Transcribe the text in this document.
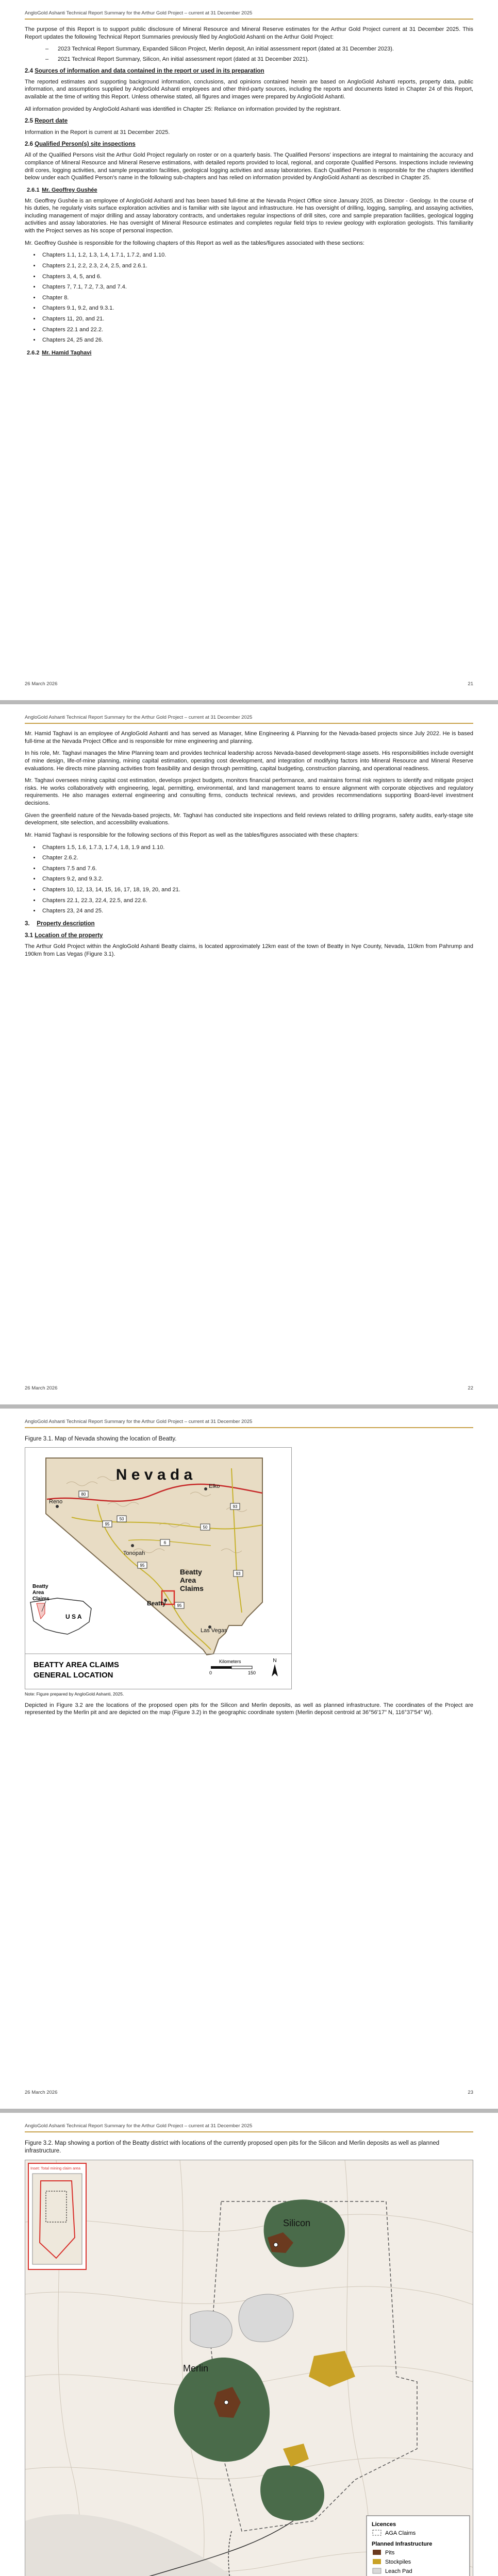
AngloGold Ashanti Technical Report Summary for the Arthur Gold Project – current at 31 December 2025

The purpose of this Report is to support public disclosure of Mineral Resource and Mineral Reserve estimates for the Arthur Gold Project current at 31 December 2025. This Report updates the following Technical Report Summaries previously filed by AngloGold Ashanti on the Arthur Gold Project:

– 2023 Technical Report Summary, Expanded Silicon Project, Merlin deposit, An initial assessment report (dated at 31 December 2023).
– 2021 Technical Report Summary, Silicon, An initial assessment report (dated at 31 December 2021).
2.4 Sources of information and data contained in the report or used in its preparation

The reported estimates and supporting background information, conclusions, and opinions contained herein are based on AngloGold Ashanti reports, property data, public information, and assumptions supplied by AngloGold Ashanti employees and other third-party sources, including the reports and documents listed in Chapter 24 of this Report, available at the time of writing this Report. Unless otherwise stated, all figures and images were prepared by AngloGold Ashanti.

All information provided by AngloGold Ashanti was identified in Chapter 25: Reliance on information provided by the registrant.

2.5 Report date

Information in the Report is current at 31 December 2025.

2.6 Qualified Person(s) site inspections

All of the Qualified Persons visit the Arthur Gold Project regularly on roster or on a quarterly basis. The Qualified Persons' inspections are integral to maintaining the accuracy and compliance of Mineral Resource and Mineral Reserve estimations, with detailed reports provided to local, regional, and corporate Qualified Persons. Inspections include reviewing drill cores, logging activities, and sample preparation facilities, geological logging activities and assay laboratories. Each Qualified Person is responsible for the chapters identified below under each Qualified Person's name in the following sub-chapters and has relied on information provided by AngloGold Ashanti as described in Chapter 25.

2.6.1 Mr. Geoffrey Gushée

Mr. Geoffrey Gushée is an employee of AngloGold Ashanti and has been based full-time at the Nevada Project Office since January 2025, as Director - Geology. In the course of his duties, he regularly visits surface exploration activities and is familiar with site layout and infrastructure. He has oversight of drilling, logging, sampling, and assaying activities, including management of major drilling and assay laboratory contracts, and undertakes regular inspections of drill sites, core and sample preparation facilities, geological logging activities and assay laboratories. He has oversight of Mineral Resource estimates and completes regular field trips to review geology with exploration geologists. This familiarity with the Project serves as his scope of personal inspection.

Mr. Geoffrey Gushée is responsible for the following chapters of this Report as well as the tables/figures associated with these sections:

• Chapters 1.1, 1.2, 1.3, 1.4, 1.7.1, 1.7.2, and 1.10.
• Chapters 2.1, 2.2, 2.3, 2.4, 2.5, and 2.6.1.
• Chapters 3, 4, 5, and 6.
• Chapters 7, 7.1, 7.2, 7.3, and 7.4.
• Chapter 8.
• Chapters 9.1, 9.2, and 9.3.1.
• Chapters 11, 20, and 21.
• Chapters 22.1 and 22.2.
• Chapters 24, 25 and 26.
2.6.2 Mr. Hamid Taghavi
26 March 2026	21
AngloGold Ashanti Technical Report Summary for the Arthur Gold Project – current at 31 December 2025

Mr. Hamid Taghavi is an employee of AngloGold Ashanti and has served as Manager, Mine Engineering & Planning for the Nevada-based projects since July 2022. He is based full-time at the Nevada Project Office and is responsible for mine engineering and planning.

In his role, Mr. Taghavi manages the Mine Planning team and provides technical leadership across Nevada-based development-stage assets. His responsibilities include oversight of mine design, life-of-mine planning, mining capital estimation, operating cost development, and integration of modifying factors into Mineral Resource and Mineral Reserve evaluations. He directs mine planning activities from feasibility and design through permitting, capital budgeting, construction planning, and operational readiness.

Mr. Taghavi oversees mining capital cost estimation, develops project budgets, monitors financial performance, and maintains formal risk registers to identify and mitigate project risks. He works collaboratively with engineering, legal, permitting, environmental, and land management teams to ensure alignment with corporate objectives and regulatory requirements. He also manages external engineering and consulting firms, conducts technical reviews, and provides recommendations supporting Board-level investment decisions.

Given the greenfield nature of the Nevada-based projects, Mr. Taghavi has conducted site inspections and field reviews related to drilling programs, safety audits, early-stage site development, site selection, and accessibility evaluations.

Mr. Hamid Taghavi is responsible for the following sections of this Report as well as the tables/figures associated with these chapters:

• Chapters 1.5, 1.6, 1.7.3, 1.7.4, 1.8, 1.9 and 1.10.
• Chapter 2.6.2.
• Chapters 7.5 and 7.6.
• Chapters 9.2, and 9.3.2.
• Chapters 10, 12, 13, 14, 15, 16, 17, 18, 19, 20, and 21.
• Chapters 22.1, 22.3, 22.4, 22.5, and 22.6.
• Chapters 23, 24 and 25.
3. Property description
3.1 Location of the property

The Arthur Gold Project within the AngloGold Ashanti Beatty claims, is located approximately 12km east of the town of Beatty in Nye County, Nevada, 110km from Pahrump and 190km from Las Vegas (Figure 3.1).

26 March 2026	22
AngloGold Ashanti Technical Report Summary for the Arthur Gold Project – current at 31 December 2025
Figure 3.1. Map of Nevada showing the location of Beatty.
N e v a d a
80
95
50
50
93
6
95
95
93
Elko
Reno
Tonopah
Beatty
Las Vegas
Beatty
Area
Claims
U S A
Beatty
Area
Claims
BEATTY AREA CLAIMS
GENERAL LOCATION
Kilometers
0	150
N
Note: Figure prepared by AngloGold Ashanti, 2025.

Depicted in Figure 3.2 are the locations of the proposed open pits for the Silicon and Merlin deposits, as well as planned infrastructure. The coordinates of the Project are represented by the Merlin pit and are depicted on the map (Figure 3.2) in the geographic coordinate system (Merlin deposit centroid at 36°56'17" N, 116°37'54" W).

26 March 2026	23
AngloGold Ashanti Technical Report Summary for the Arthur Gold Project – current at 31 December 2025
Figure 3.2. Map showing a portion of the Beatty district with locations of the currently proposed open pits for the Silicon and Merlin deposits as well as planned infrastructure.
Silicon
Merlin
Inset: Total mining claim area
Licences
AGA Claims
Planned Infrastructure
Pits
Stockpiles
Leach Pad
